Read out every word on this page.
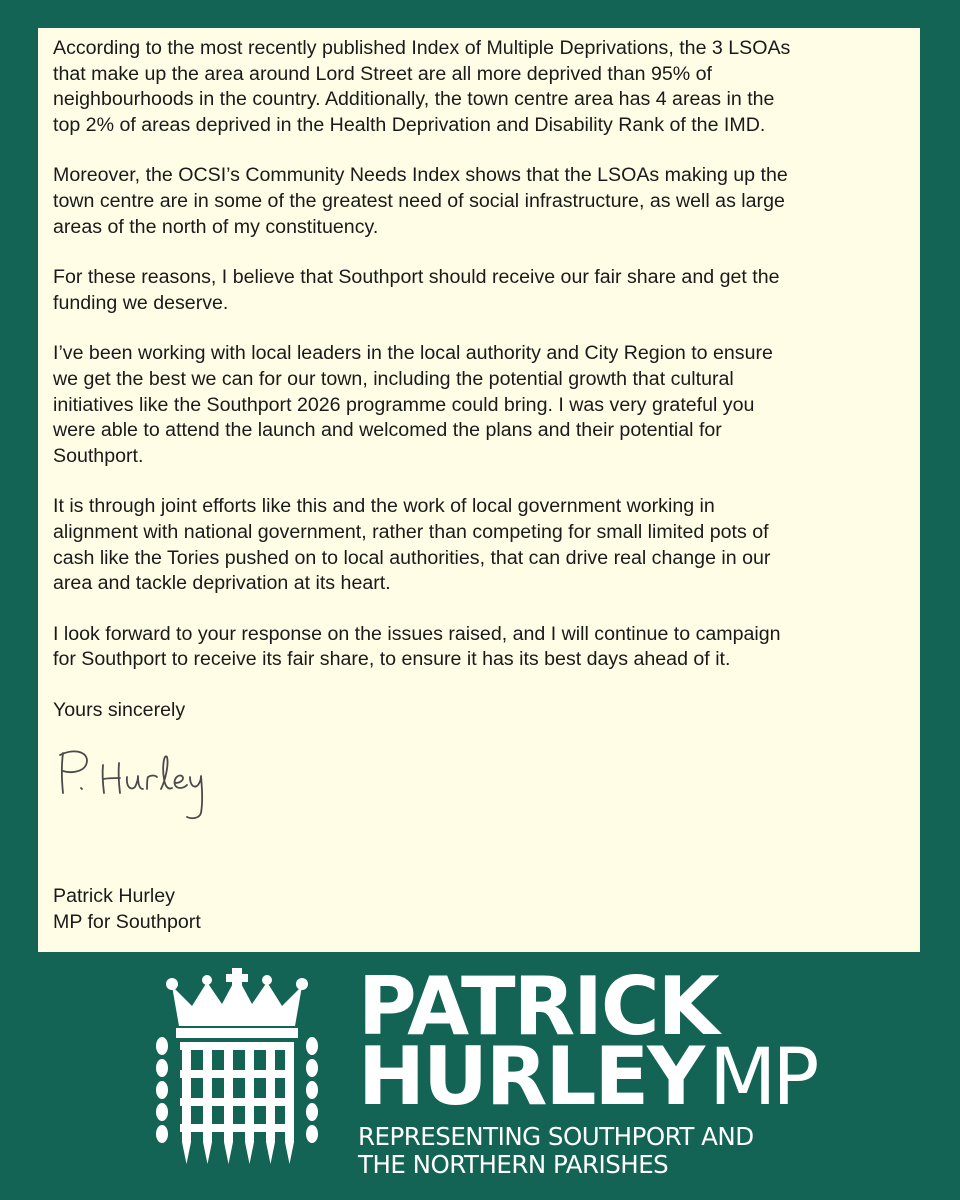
According to the most recently published Index of Multiple Deprivations, the 3 LSOAs
that make up the area around Lord Street are all more deprived than 95% of
neighbourhoods in the country. Additionally, the town centre area has 4 areas in the
top 2% of areas deprived in the Health Deprivation and Disability Rank of the IMD.

Moreover, the OCSI’s Community Needs Index shows that the LSOAs making up the
town centre are in some of the greatest need of social infrastructure, as well as large
areas of the north of my constituency.

For these reasons, I believe that Southport should receive our fair share and get the
funding we deserve.

I’ve been working with local leaders in the local authority and City Region to ensure
we get the best we can for our town, including the potential growth that cultural
initiatives like the Southport 2026 programme could bring. I was very grateful you
were able to attend the launch and welcomed the plans and their potential for
Southport.

It is through joint efforts like this and the work of local government working in
alignment with national government, rather than competing for small limited pots of
cash like the Tories pushed on to local authorities, that can drive real change in our
area and tackle deprivation at its heart.

I look forward to your response on the issues raised, and I will continue to campaign
for Southport to receive its fair share, to ensure it has its best days ahead of it.

Yours sincerely

Patrick Hurley
MP for Southport
PATRICK
HURLEY MP
REPRESENTING SOUTHPORT AND
THE NORTHERN PARISHES
